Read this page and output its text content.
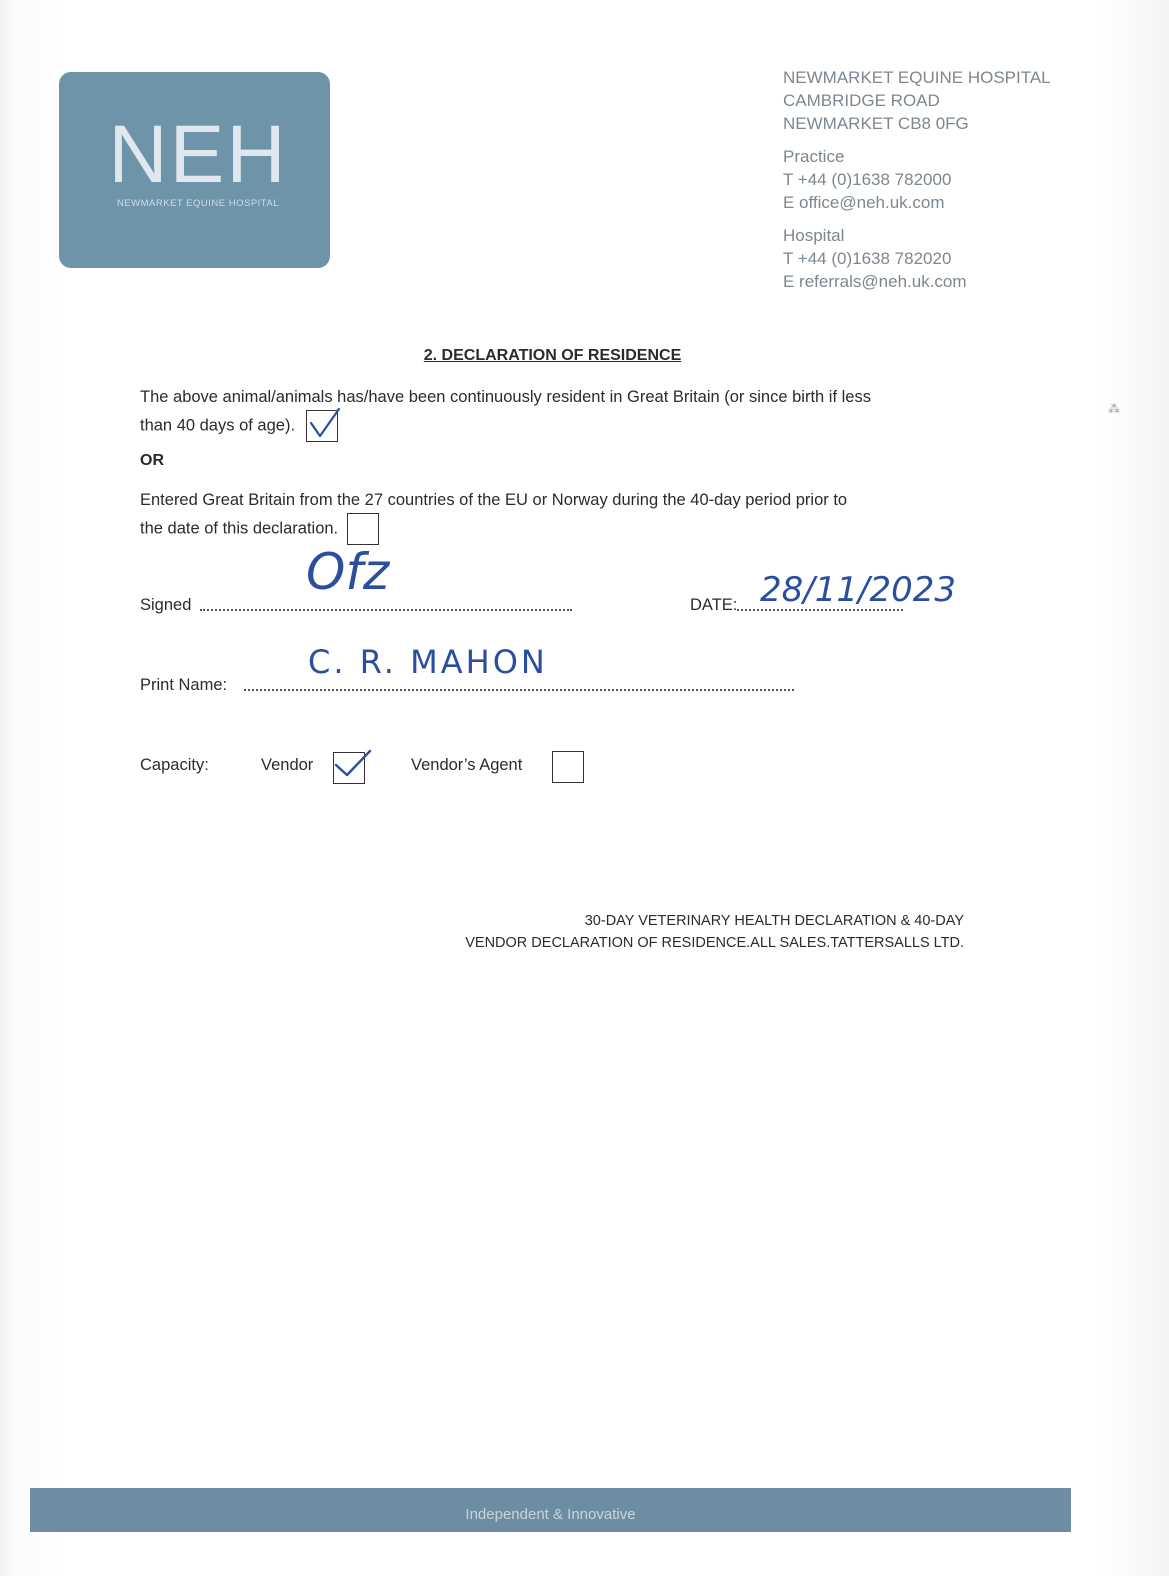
NEH
NEWMARKET EQUINE HOSPITAL
NEWMARKET EQUINE HOSPITAL
CAMBRIDGE ROAD
NEWMARKET CB8 0FG
Practice
T +44 (0)1638 782000
E office@neh.uk.com
Hospital
T +44 (0)1638 782020
E referrals@neh.uk.com
⁂
2. DECLARATION OF RESIDENCE
The above animal/animals has/have been continuously resident in Great Britain (or since birth if less
than 40 days of age).
OR
Entered Great Britain from the 27 countries of the EU or Norway during the 40-day period prior to
the date of this declaration.
Signed
Ofz
DATE: 28/11/2023
Print Name:
C. R. MAHON
Capacity:	Vendor	Vendor’s Agent
30-DAY VETERINARY HEALTH DECLARATION & 40-DAY
VENDOR DECLARATION OF RESIDENCE.ALL SALES.TATTERSALLS LTD.
Independent & Innovative
